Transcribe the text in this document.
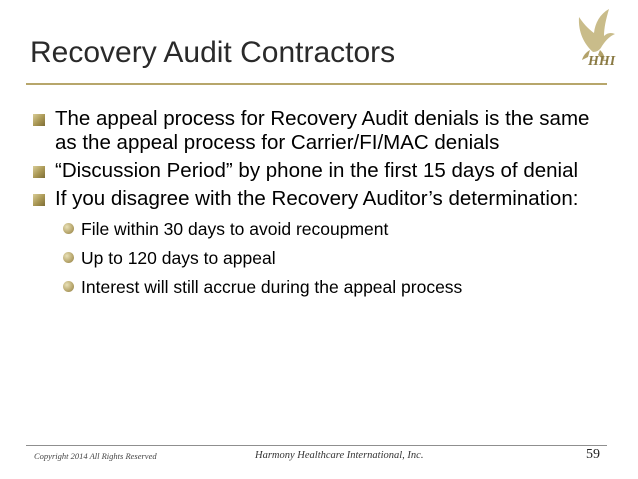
Recovery Audit Contractors	HHI
The appeal process for Recovery Audit denials is the same as the appeal process for Carrier/FI/MAC denials
“Discussion Period” by phone in the first 15 days of denial
If you disagree with the Recovery Auditor’s determination:
File within 30 days to avoid recoupment
Up to 120 days to appeal
Interest will still accrue during the appeal process
Copyright 2014 All Rights Reserved	Harmony Healthcare International, Inc.	59
